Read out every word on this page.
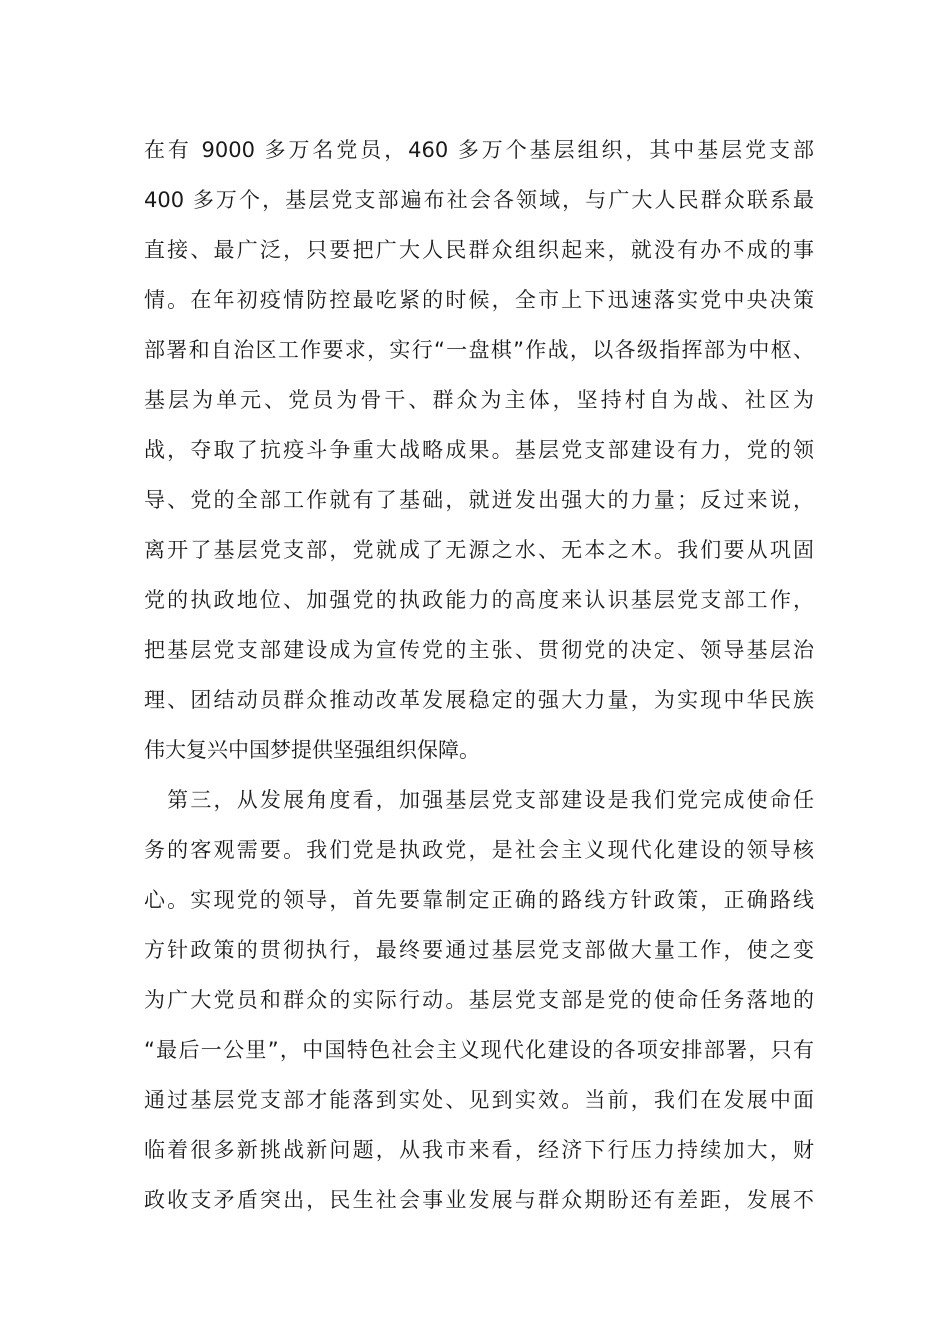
在有 9000 多万名党员，460 多万个基层组织，其中基层党支部
400 多万个，基层党支部遍布社会各领域，与广大人民群众联系最
直接、最广泛，只要把广大人民群众组织起来，就没有办不成的事
情。在年初疫情防控最吃紧的时候，全市上下迅速落实党中央决策
部署和自治区工作要求，实行“一盘棋”作战，以各级指挥部为中枢、
基层为单元、党员为骨干、群众为主体，坚持村自为战、社区为
战，夺取了抗疫斗争重大战略成果。基层党支部建设有力，党的领
导、党的全部工作就有了基础，就迸发出强大的力量；反过来说，
离开了基层党支部，党就成了无源之水、无本之木。我们要从巩固
党的执政地位、加强党的执政能力的高度来认识基层党支部工作，
把基层党支部建设成为宣传党的主张、贯彻党的决定、领导基层治
理、团结动员群众推动改革发展稳定的强大力量，为实现中华民族
伟大复兴中国梦提供坚强组织保障。
　第三，从发展角度看，加强基层党支部建设是我们党完成使命任
务的客观需要。我们党是执政党，是社会主义现代化建设的领导核
心。实现党的领导，首先要靠制定正确的路线方针政策，正确路线
方针政策的贯彻执行，最终要通过基层党支部做大量工作，使之变
为广大党员和群众的实际行动。基层党支部是党的使命任务落地的
“最后一公里”，中国特色社会主义现代化建设的各项安排部署，只有
通过基层党支部才能落到实处、见到实效。当前，我们在发展中面
临着很多新挑战新问题，从我市来看，经济下行压力持续加大，财
政收支矛盾突出，民生社会事业发展与群众期盼还有差距，发展不
